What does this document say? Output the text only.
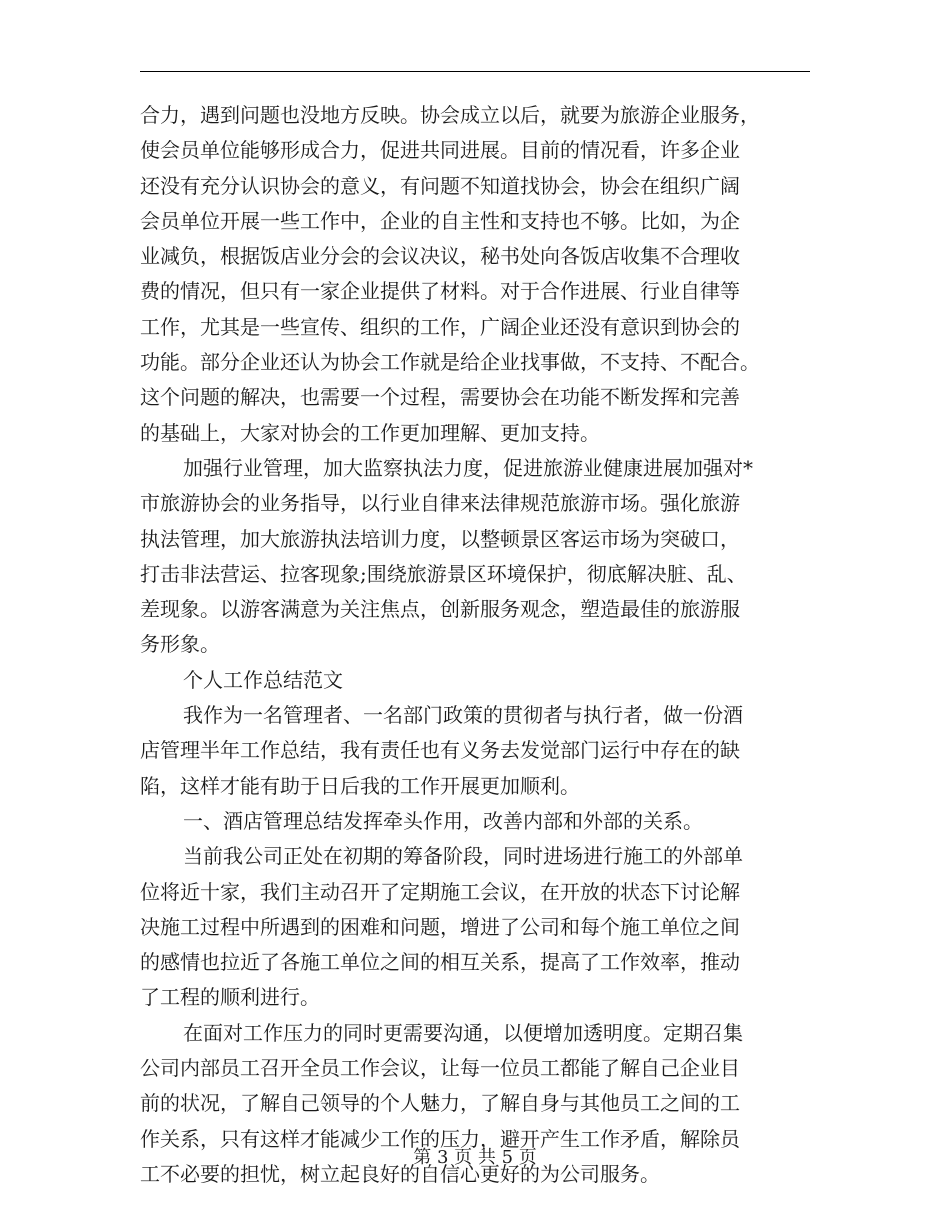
合力，遇到问题也没地方反映。协会成立以后，就要为旅游企业服务，
使会员单位能够形成合力，促进共同进展。目前的情况看，许多企业
还没有充分认识协会的意义，有问题不知道找协会，协会在组织广阔
会员单位开展一些工作中，企业的自主性和支持也不够。比如，为企
业减负，根据饭店业分会的会议决议，秘书处向各饭店收集不合理收
费的情况，但只有一家企业提供了材料。对于合作进展、行业自律等
工作，尤其是一些宣传、组织的工作，广阔企业还没有意识到协会的
功能。部分企业还认为协会工作就是给企业找事做，不支持、不配合。
这个问题的解决，也需要一个过程，需要协会在功能不断发挥和完善
的基础上，大家对协会的工作更加理解、更加支持。
加强行业管理，加大监察执法力度，促进旅游业健康进展加强对*
市旅游协会的业务指导，以行业自律来法律规范旅游市场。强化旅游
执法管理，加大旅游执法培训力度，以整顿景区客运市场为突破口，
打击非法营运、拉客现象;围绕旅游景区环境保护，彻底解决脏、乱、
差现象。以游客满意为关注焦点，创新服务观念，塑造最佳的旅游服
务形象。
个人工作总结范文
我作为一名管理者、一名部门政策的贯彻者与执行者，做一份酒
店管理半年工作总结，我有责任也有义务去发觉部门运行中存在的缺
陷，这样才能有助于日后我的工作开展更加顺利。
一、酒店管理总结发挥牵头作用，改善内部和外部的关系。
当前我公司正处在初期的筹备阶段，同时进场进行施工的外部单
位将近十家，我们主动召开了定期施工会议，在开放的状态下讨论解
决施工过程中所遇到的困难和问题，增进了公司和每个施工单位之间
的感情也拉近了各施工单位之间的相互关系，提高了工作效率，推动
了工程的顺利进行。
在面对工作压力的同时更需要沟通，以便增加透明度。定期召集
公司内部员工召开全员工作会议，让每一位员工都能了解自己企业目
前的状况，了解自己领导的个人魅力，了解自身与其他员工之间的工
作关系，只有这样才能减少工作的压力，避开产生工作矛盾，解除员
工不必要的担忧，树立起良好的自信心更好的为公司服务。
第 3 页 共 5 页
